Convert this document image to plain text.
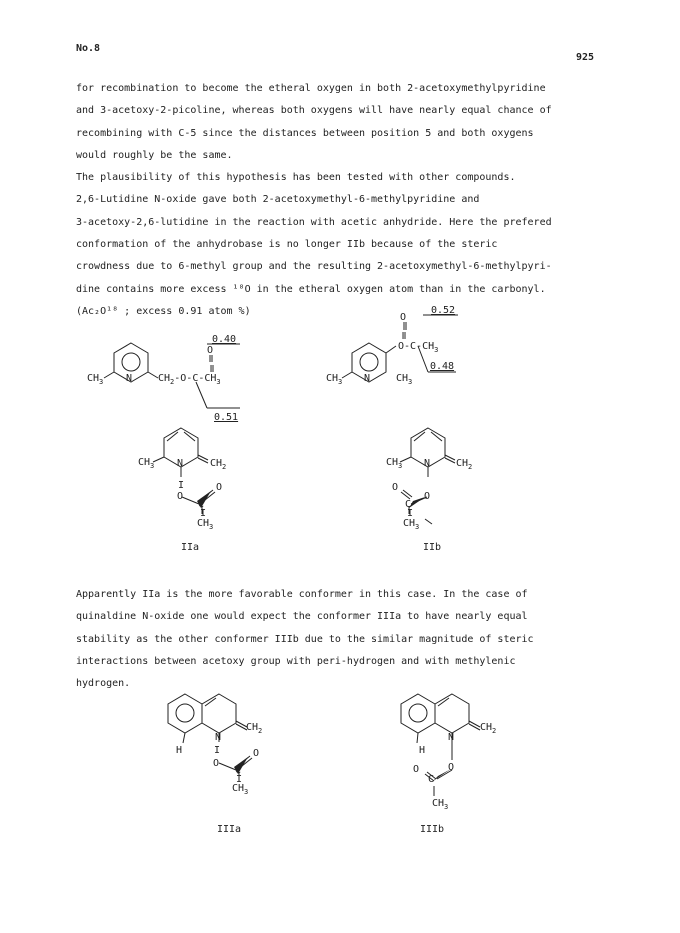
No.8
925
for recombination to become the etheral oxygen in both 2-acetoxymethylpyridine
and 3-acetoxy-2-picoline, whereas both oxygens will have nearly equal chance of
recombining with C-5 since the distances between position 5 and both oxygens
would roughly be the same.
The plausibility of this hypothesis has been tested with other compounds.
2,6-Lutidine N-oxide gave both 2-acetoxymethyl-6-methylpyridine and
3-acetoxy-2,6-lutidine in the reaction with acetic anhydride. Here the prefered
conformation of the anhydrobase is no longer IIb because of the steric
crowdness due to 6-methyl group and the resulting 2-acetoxymethyl-6-methylpyri-
dine contains more excess ¹⁸O in the etheral oxygen atom than in the carbonyl.
(Ac₂O¹⁸ ; excess 0.91 atom %)
$CH_3$ N	$CH_2-O-C-CH_3$
O
ǁ
0.40
0.51
$CH_3$ N	$CH_3$
$O-C-CH_3$
O
ǁ
0.52
0.48
$CH_3$ N	$CH_2$
I
O
C
O
I
$CH_3$
IIa
$CH_3$ N	$CH_2$
O
C
O
I
$CH_3$
IIb
N
$CH_2$
H	I
O
C
O
I
$CH_3$
IIIa
N
$CH_2$
H
O
C
O
$CH_3$
IIIb
Apparently IIa is the more favorable conformer in this case. In the case of
quinaldine N-oxide one would expect the conformer IIIa to have nearly equal
stability as the other conformer IIIb due to the similar magnitude of steric
interactions between acetoxy group with peri-hydrogen and with methylenic
hydrogen.
